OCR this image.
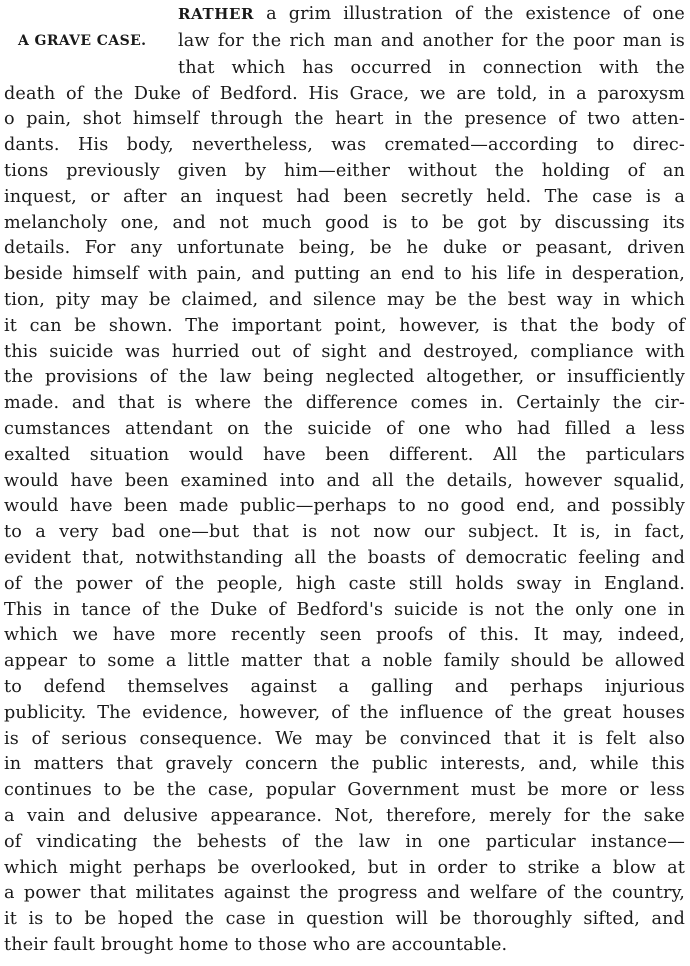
RATHER a grim illustration of the existence of one
A GRAVE CASE.	law for the rich man and another for the poor man is
that which has occurred in connection with the
death of the Duke of Bedford. His Grace, we are told, in a paroxysm
o pain, shot himself through the heart in the presence of two atten-
dants. His body, nevertheless, was cremated—according to direc-
tions previously given by him—either without the holding of an
inquest, or after an inquest had been secretly held. The case is a
melancholy one, and not much good is to be got by discussing its
details. For any unfortunate being, be he duke or peasant, driven
beside himself with pain, and putting an end to his life in desperation,
tion, pity may be claimed, and silence may be the best way in which
it can be shown. The important point, however, is that the body of
this suicide was hurried out of sight and destroyed, compliance with
the provisions of the law being neglected altogether, or insufficiently
made. and that is where the difference comes in. Certainly the cir-
cumstances attendant on the suicide of one who had filled a less
exalted situation would have been different. All the particulars
would have been examined into and all the details, however squalid,
would have been made public—perhaps to no good end, and possibly
to a very bad one—but that is not now our subject. It is, in fact,
evident that, notwithstanding all the boasts of democratic feeling and
of the power of the people, high caste still holds sway in England.
This in tance of the Duke of Bedford's suicide is not the only one in
which we have more recently seen proofs of this. It may, indeed,
appear to some a little matter that a noble family should be allowed
to defend themselves against a galling and perhaps injurious
publicity. The evidence, however, of the influence of the great houses
is of serious consequence. We may be convinced that it is felt also
in matters that gravely concern the public interests, and, while this
continues to be the case, popular Government must be more or less
a vain and delusive appearance. Not, therefore, merely for the sake
of vindicating the behests of the law in one particular instance—
which might perhaps be overlooked, but in order to strike a blow at
a power that militates against the progress and welfare of the country,
it is to be hoped the case in question will be thoroughly sifted, and
their fault brought home to those who are accountable.
